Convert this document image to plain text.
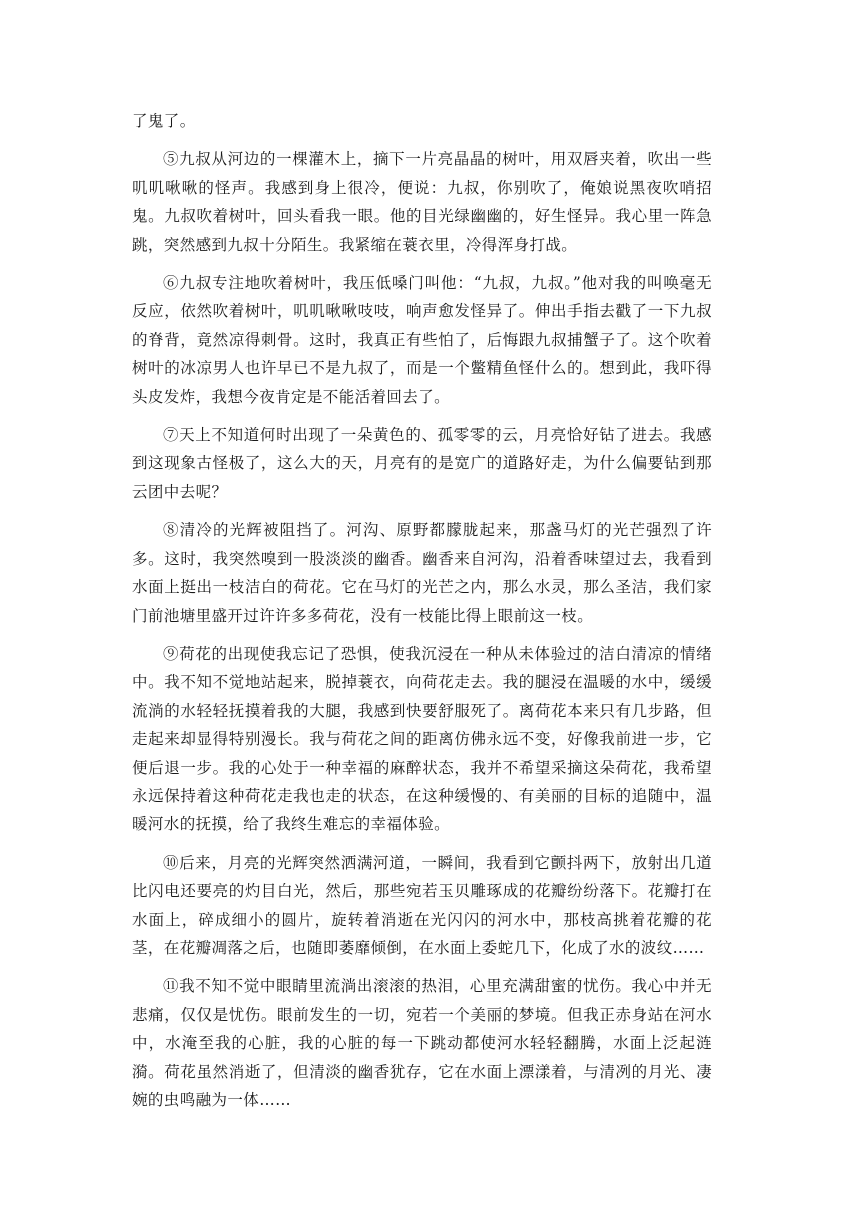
了鬼了。

⑤九叔从河边的一棵灌木上，摘下一片亮晶晶的树叶，用双唇夹着，吹出一些叽叽啾啾的怪声。我感到身上很冷，便说：九叔，你别吹了，俺娘说黑夜吹哨招鬼。九叔吹着树叶，回头看我一眼。他的目光绿幽幽的，好生怪异。我心里一阵急跳，突然感到九叔十分陌生。我紧缩在蓑衣里，冷得浑身打战。

⑥九叔专注地吹着树叶，我压低嗓门叫他：“九叔，九叔。”他对我的叫唤毫无反应，依然吹着树叶，叽叽啾啾吱吱，响声愈发怪异了。伸出手指去戳了一下九叔的脊背，竟然凉得刺骨。这时，我真正有些怕了，后悔跟九叔捕蟹子了。这个吹着树叶的冰凉男人也许早已不是九叔了，而是一个鳖精鱼怪什么的。想到此，我吓得头皮发炸，我想今夜肯定是不能活着回去了。

⑦天上不知道何时出现了一朵黄色的、孤零零的云，月亮恰好钻了进去。我感到这现象古怪极了，这么大的天，月亮有的是宽广的道路好走，为什么偏要钻到那云团中去呢？

⑧清冷的光辉被阻挡了。河沟、原野都朦胧起来，那盏马灯的光芒强烈了许多。这时，我突然嗅到一股淡淡的幽香。幽香来自河沟，沿着香味望过去，我看到水面上挺出一枝洁白的荷花。它在马灯的光芒之内，那么水灵，那么圣洁，我们家门前池塘里盛开过许许多多荷花，没有一枝能比得上眼前这一枝。

⑨荷花的出现使我忘记了恐惧，使我沉浸在一种从未体验过的洁白清凉的情绪中。我不知不觉地站起来，脱掉蓑衣，向荷花走去。我的腿浸在温暖的水中，缓缓流淌的水轻轻抚摸着我的大腿，我感到快要舒服死了。离荷花本来只有几步路，但走起来却显得特别漫长。我与荷花之间的距离仿佛永远不变，好像我前进一步，它便后退一步。我的心处于一种幸福的麻醉状态，我并不希望采摘这朵荷花，我希望永远保持着这种荷花走我也走的状态，在这种缓慢的、有美丽的目标的追随中，温暖河水的抚摸，给了我终生难忘的幸福体验。

⑩后来，月亮的光辉突然洒满河道，一瞬间，我看到它颤抖两下，放射出几道比闪电还要亮的灼目白光，然后，那些宛若玉贝雕琢成的花瓣纷纷落下。花瓣打在水面上，碎成细小的圆片，旋转着消逝在光闪闪的河水中，那枝高挑着花瓣的花茎，在花瓣凋落之后，也随即萎靡倾倒，在水面上委蛇几下，化成了水的波纹……

⑪我不知不觉中眼睛里流淌出滚滚的热泪，心里充满甜蜜的忧伤。我心中并无悲痛，仅仅是忧伤。眼前发生的一切，宛若一个美丽的梦境。但我正赤身站在河水中，水淹至我的心脏，我的心脏的每一下跳动都使河水轻轻翻腾，水面上泛起涟漪。荷花虽然消逝了，但清淡的幽香犹存，它在水面上漂漾着，与清冽的月光、凄婉的虫鸣融为一体……
